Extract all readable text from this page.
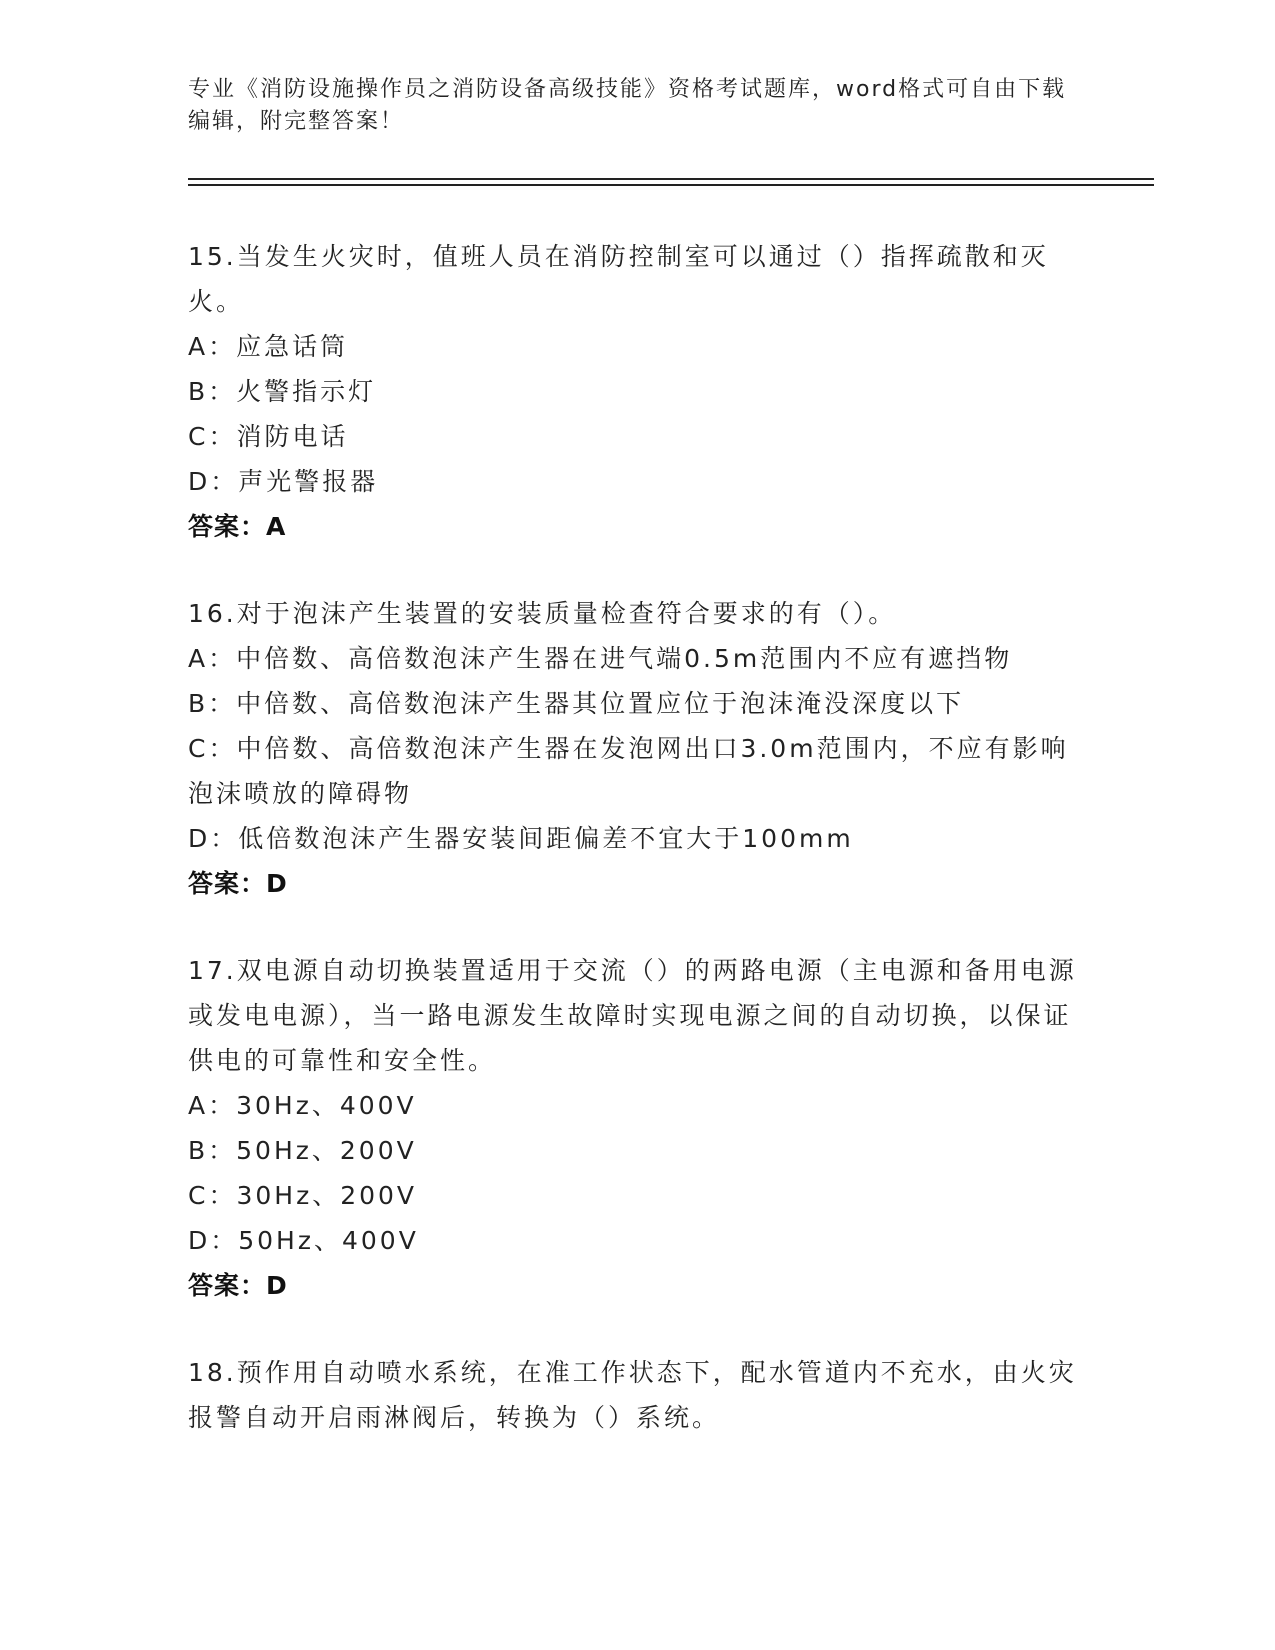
专业《消防设施操作员之消防设备高级技能》资格考试题库，word格式可自由下载编辑，附完整答案！

15.当发生火灾时，值班人员在消防控制室可以通过（）指挥疏散和灭火。

A：应急话筒

B：火警指示灯

C：消防电话

D：声光警报器

答案：A

16.对于泡沫产生装置的安装质量检查符合要求的有（）。

A：中倍数、高倍数泡沫产生器在进气端0.5m范围内不应有遮挡物

B：中倍数、高倍数泡沫产生器其位置应位于泡沫淹没深度以下

C：中倍数、高倍数泡沫产生器在发泡网出口3.0m范围内，不应有影响泡沫喷放的障碍物

D：低倍数泡沫产生器安装间距偏差不宜大于100mm

答案：D

17.双电源自动切换装置适用于交流（）的两路电源（主电源和备用电源或发电电源），当一路电源发生故障时实现电源之间的自动切换，以保证供电的可靠性和安全性。

A：30Hz、400V

B：50Hz、200V

C：30Hz、200V

D：50Hz、400V

答案：D

18.预作用自动喷水系统，在准工作状态下，配水管道内不充水，由火灾报警自动开启雨淋阀后，转换为（）系统。
